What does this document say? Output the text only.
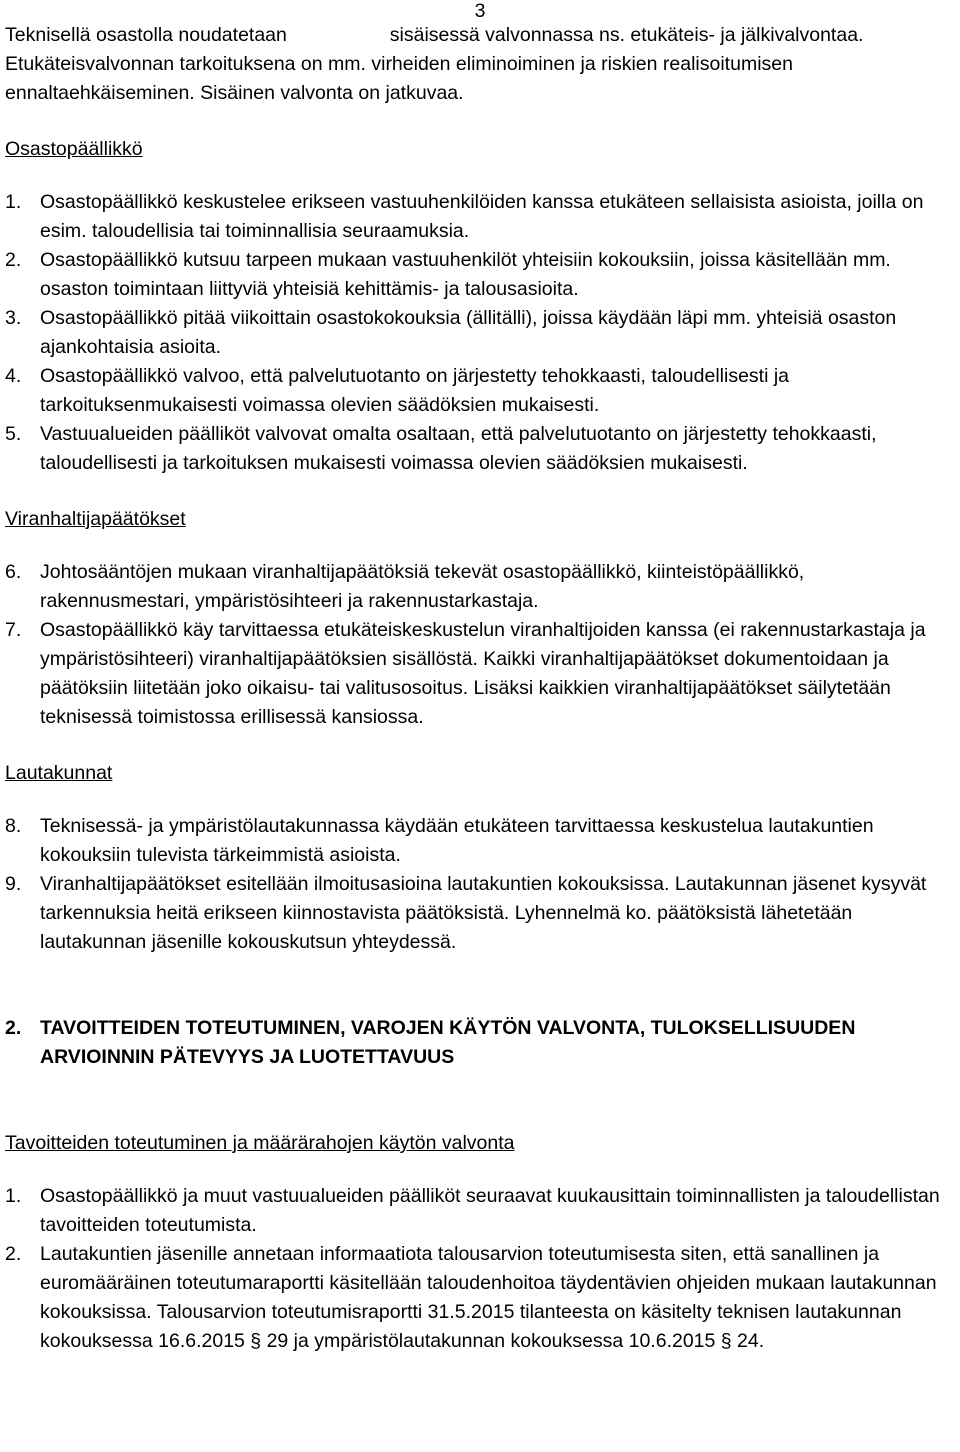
3

Teknisellä osastolla noudatetaan                   sisäisessä valvonnassa ns. etukäteis- ja jälkivalvontaa. Etukäteisvalvonnan tarkoituksena on mm. virheiden eliminoiminen ja riskien realisoitumisen ennaltaehkäiseminen. Sisäinen valvonta on jatkuvaa.

Osastopäällikkö

1. Osastopäällikkö keskustelee erikseen vastuuhenkilöiden kanssa etukäteen sellaisista asioista, joilla on esim. taloudellisia tai toiminnallisia seuraamuksia.
2. Osastopäällikkö kutsuu tarpeen mukaan vastuuhenkilöt yhteisiin kokouksiin, joissa käsitellään mm. osaston toimintaan liittyviä yhteisiä kehittämis- ja talousasioita.
3. Osastopäällikkö pitää viikoittain osastokokouksia (ällitälli), joissa käydään läpi mm. yhteisiä osaston ajankohtaisia asioita.
4. Osastopäällikkö valvoo, että palvelutuotanto on järjestetty tehokkaasti, taloudellisesti ja tarkoituksenmukaisesti voimassa olevien säädöksien mukaisesti.
5. Vastuualueiden päälliköt valvovat omalta osaltaan, että palvelutuotanto on järjestetty tehokkaasti, taloudellisesti ja tarkoituksen mukaisesti voimassa olevien säädöksien mukaisesti.

Viranhaltijapäätökset

6. Johtosääntöjen mukaan viranhaltijapäätöksiä tekevät osastopäällikkö, kiinteistöpäällikkö, rakennusmestari, ympäristösihteeri ja rakennustarkastaja.
7. Osastopäällikkö käy tarvittaessa etukäteiskeskustelun viranhaltijoiden kanssa (ei rakennustarkastaja ja ympäristösihteeri) viranhaltijapäätöksien sisällöstä. Kaikki viranhaltijapäätökset dokumentoidaan ja päätöksiin liitetään joko oikaisu- tai valitusosoitus. Lisäksi kaikkien viranhaltijapäätökset säilytetään teknisessä toimistossa erillisessä kansiossa.

Lautakunnat

8. Teknisessä- ja ympäristölautakunnassa käydään etukäteen tarvittaessa keskustelua lautakuntien kokouksiin tulevista tärkeimmistä asioista.
9. Viranhaltijapäätökset esitellään ilmoitusasioina lautakuntien kokouksissa. Lautakunnan jäsenet kysyvät tarkennuksia heitä erikseen kiinnostavista päätöksistä. Lyhennelmä ko. päätöksistä lähetetään lautakunnan jäsenille kokouskutsun yhteydessä.
2. TAVOITTEIDEN TOTEUTUMINEN, VAROJEN KÄYTÖN VALVONTA, TULOKSELLISUUDEN ARVIOINNIN PÄTEVYYS JA LUOTETTAVUUS

Tavoitteiden toteutuminen ja määrärahojen käytön valvonta

1. Osastopäällikkö ja muut vastuualueiden päälliköt seuraavat kuukausittain toiminnallisten ja taloudellistan tavoitteiden toteutumista.
2. Lautakuntien jäsenille annetaan informaatiota talousarvion toteutumisesta siten, että sanallinen ja euromääräinen toteutumaraportti käsitellään taloudenhoitoa täydentävien ohjeiden mukaan lautakunnan kokouksissa. Talousarvion toteutumisraportti 31.5.2015 tilanteesta on käsitelty teknisen lautakunnan kokouksessa 16.6.2015 § 29 ja ympäristölautakunnan kokouksessa 10.6.2015 § 24.
